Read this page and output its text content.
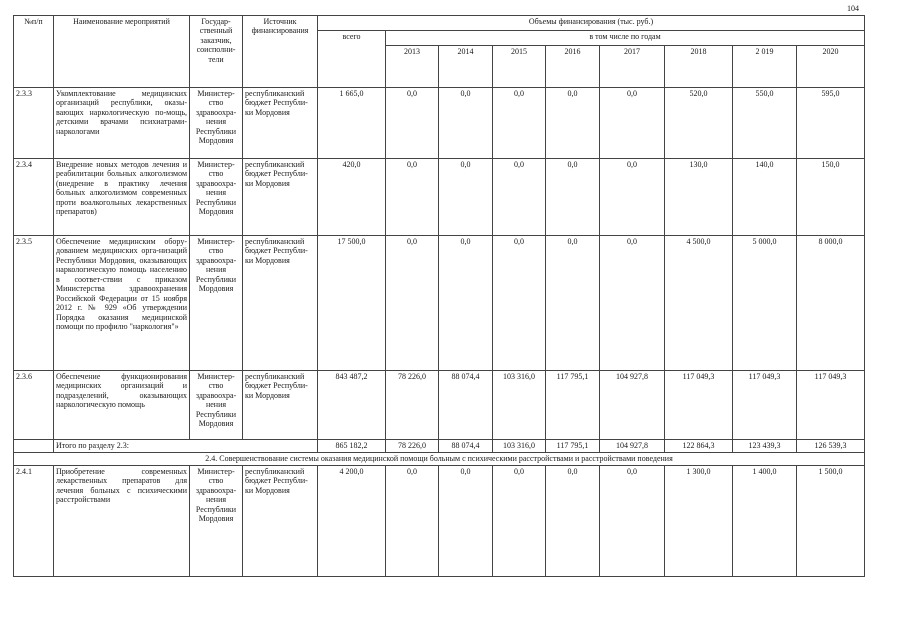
104
№п/п	Наименование мероприятий	Государ-ственный заказчик, соисполни-тели	Источник финансирования	Объемы финансирования (тыс. руб.)								
				всего	в том числе по годам							
					2013	2014	2015	2016	2017	2018	2 019	2020
2.3.3	Укомплектование медицинских организаций республики, оказы-вающих наркологическую по-мощь, детскими врачами психиатрами-наркологами	Министер-ство здравоохра-нения Республики Мордовия	республиканский бюджет Республи-ки Мордовия	1 665,0	0,0	0,0	0,0	0,0	0,0	520,0	550,0	595,0
2.3.4	Внедрение новых методов лечения и реабилитации больных алкоголизмом (внедрение в практику лечения больных алкоголизмом современных проти воалкогольных лекарственных препаратов)	Министер-ство здравоохра-нения Республики Мордовия	республиканский бюджет Республи-ки Мордовия	420,0	0,0	0,0	0,0	0,0	0,0	130,0	140,0	150,0
2.3.5	Обеспечение медицинским обору-дованием медицинских орга-низаций Республики Мордовия, оказывающих наркологическую помощь населению в соответ-ствии с приказом Министерства здравоохранения Российской Федерации от 15 ноября 2012 г. № 929 «Об утверждении Порядка оказания медицинской помощи по профилю "наркология"»	Министер-ство здравоохра-нения Республики Мордовия	республиканский бюджет Республи-ки Мордовия	17 500,0	0,0	0,0	0,0	0,0	0,0	4 500,0	5 000,0	8 000,0
2.3.6	Обеспечение функционирования медицинских организаций и подразделений, оказывающих наркологическую помощь	Министер-ство здравоохра-нения Республики Мордовия	республиканский бюджет Республи-ки Мордовия	843 487,2	78 226,0	88 074,4	103 316,0	117 795,1	104 927,8	117 049,3	117 049,3	117 049,3
	Итого по разделу 2.3:			865 182,2	78 226,0	88 074,4	103 316,0	117 795,1	104 927,8	122 864,3	123 439,3	126 539,3
2.4. Совершенствование системы оказания медицинской помощи больным с психическими расстройствами и расстройствами поведения												
2.4.1	Приобретение современных лекарственных препаратов для лечения больных с психическими расстройствами	Министер-ство здравоохра-нения Республики Мордовия	республиканский бюджет Республи-ки Мордовия	4 200,0	0,0	0,0	0,0	0,0	0,0	1 300,0	1 400,0	1 500,0
